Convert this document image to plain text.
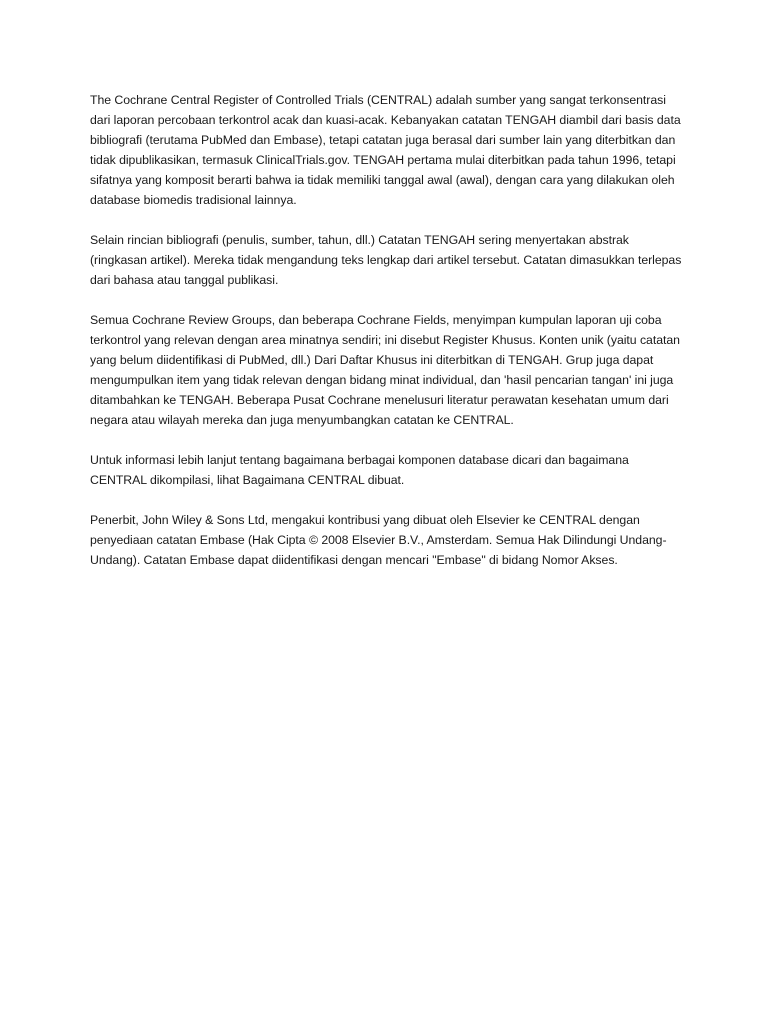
The Cochrane Central Register of Controlled Trials (CENTRAL) adalah sumber yang sangat terkonsentrasi dari laporan percobaan terkontrol acak dan kuasi-acak. Kebanyakan catatan TENGAH diambil dari basis data bibliografi (terutama PubMed dan Embase), tetapi catatan juga berasal dari sumber lain yang diterbitkan dan tidak dipublikasikan, termasuk ClinicalTrials.gov. TENGAH pertama mulai diterbitkan pada tahun 1996, tetapi sifatnya yang komposit berarti bahwa ia tidak memiliki tanggal awal (awal), dengan cara yang dilakukan oleh database biomedis tradisional lainnya.

Selain rincian bibliografi (penulis, sumber, tahun, dll.) Catatan TENGAH sering menyertakan abstrak (ringkasan artikel). Mereka tidak mengandung teks lengkap dari artikel tersebut. Catatan dimasukkan terlepas dari bahasa atau tanggal publikasi.

Semua Cochrane Review Groups, dan beberapa Cochrane Fields, menyimpan kumpulan laporan uji coba terkontrol yang relevan dengan area minatnya sendiri; ini disebut Register Khusus. Konten unik (yaitu catatan yang belum diidentifikasi di PubMed, dll.) Dari Daftar Khusus ini diterbitkan di TENGAH. Grup juga dapat mengumpulkan item yang tidak relevan dengan bidang minat individual, dan 'hasil pencarian tangan' ini juga ditambahkan ke TENGAH. Beberapa Pusat Cochrane menelusuri literatur perawatan kesehatan umum dari negara atau wilayah mereka dan juga menyumbangkan catatan ke CENTRAL.

Untuk informasi lebih lanjut tentang bagaimana berbagai komponen database dicari dan bagaimana CENTRAL dikompilasi, lihat Bagaimana CENTRAL dibuat.

Penerbit, John Wiley & Sons Ltd, mengakui kontribusi yang dibuat oleh Elsevier ke CENTRAL dengan penyediaan catatan Embase (Hak Cipta © 2008 Elsevier B.V., Amsterdam. Semua Hak Dilindungi Undang-Undang). Catatan Embase dapat diidentifikasi dengan mencari "Embase" di bidang Nomor Akses.
